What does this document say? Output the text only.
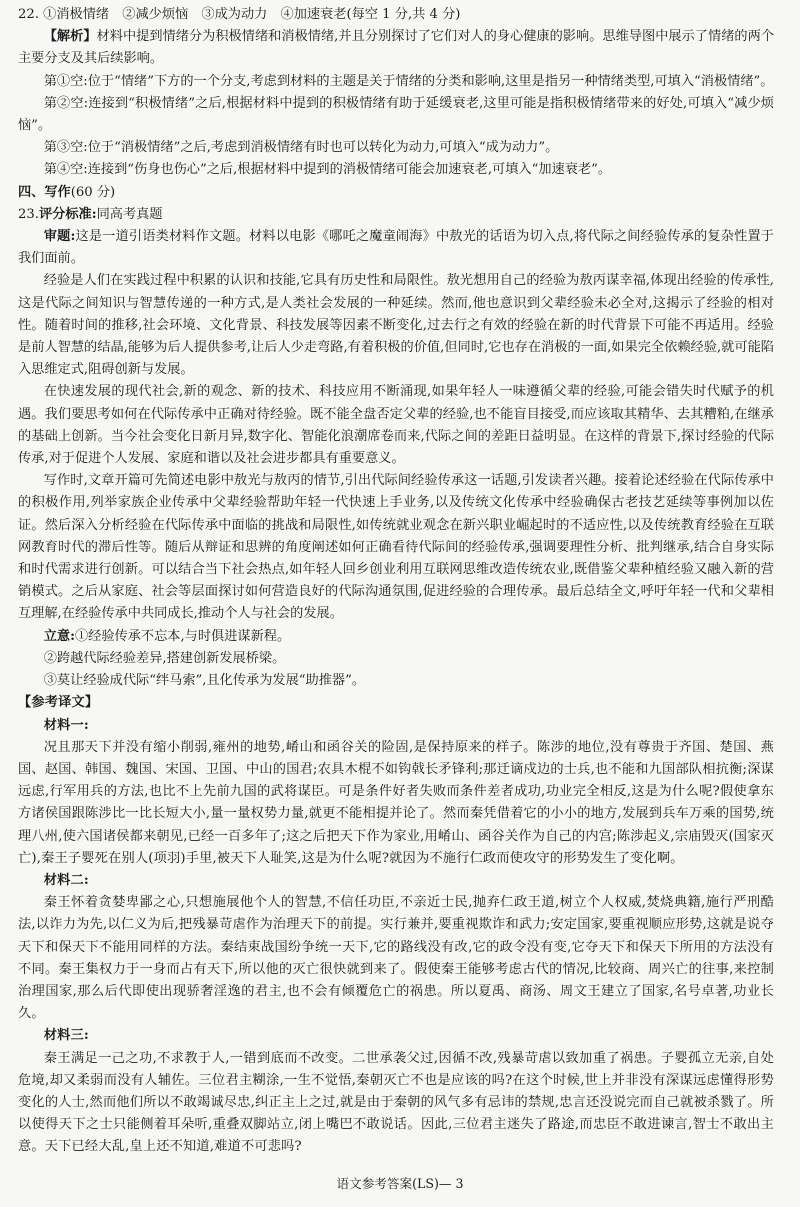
22. ①消极情绪　②减少烦恼　③成为动力　④加速衰老(每空 1 分,共 4 分)

【解析】材料中提到情绪分为积极情绪和消极情绪,并且分别探讨了它们对人的身心健康的影响。思维导图中展示了情绪的两个主要分支及其后续影响。

第①空:位于“情绪”下方的一个分支,考虑到材料的主题是关于情绪的分类和影响,这里是指另一种情绪类型,可填入“消极情绪”。

第②空:连接到“积极情绪”之后,根据材料中提到的积极情绪有助于延缓衰老,这里可能是指积极情绪带来的好处,可填入“减少烦恼”。

第③空:位于“消极情绪”之后,考虑到消极情绪有时也可以转化为动力,可填入“成为动力”。

第④空:连接到“伤身也伤心”之后,根据材料中提到的消极情绪可能会加速衰老,可填入“加速衰老”。

四、写作(60 分)

23.评分标准:同高考真题

审题:这是一道引语类材料作文题。材料以电影《哪吒之魔童闹海》中敖光的话语为切入点,将代际之间经验传承的复杂性置于我们面前。

经验是人们在实践过程中积累的认识和技能,它具有历史性和局限性。敖光想用自己的经验为敖丙谋幸福,体现出经验的传承性,这是代际之间知识与智慧传递的一种方式,是人类社会发展的一种延续。然而,他也意识到父辈经验未必全对,这揭示了经验的相对性。随着时间的推移,社会环境、文化背景、科技发展等因素不断变化,过去行之有效的经验在新的时代背景下可能不再适用。经验是前人智慧的结晶,能够为后人提供参考,让后人少走弯路,有着积极的价值,但同时,它也存在消极的一面,如果完全依赖经验,就可能陷入思维定式,阻碍创新与发展。

在快速发展的现代社会,新的观念、新的技术、科技应用不断涌现,如果年轻人一味遵循父辈的经验,可能会错失时代赋予的机遇。我们要思考如何在代际传承中正确对待经验。既不能全盘否定父辈的经验,也不能盲目接受,而应该取其精华、去其糟粕,在继承的基础上创新。当今社会变化日新月异,数字化、智能化浪潮席卷而来,代际之间的差距日益明显。在这样的背景下,探讨经验的代际传承,对于促进个人发展、家庭和谐以及社会进步都具有重要意义。

写作时,文章开篇可先简述电影中敖光与敖丙的情节,引出代际间经验传承这一话题,引发读者兴趣。接着论述经验在代际传承中的积极作用,列举家族企业传承中父辈经验帮助年轻一代快速上手业务,以及传统文化传承中经验确保古老技艺延续等事例加以佐证。然后深入分析经验在代际传承中面临的挑战和局限性,如传统就业观念在新兴职业崛起时的不适应性,以及传统教育经验在互联网教育时代的滞后性等。随后从辩证和思辨的角度阐述如何正确看待代际间的经验传承,强调要理性分析、批判继承,结合自身实际和时代需求进行创新。可以结合当下社会热点,如年轻人回乡创业利用互联网思维改造传统农业,既借鉴父辈种植经验又融入新的营销模式。之后从家庭、社会等层面探讨如何营造良好的代际沟通氛围,促进经验的合理传承。最后总结全文,呼吁年轻一代和父辈相互理解,在经验传承中共同成长,推动个人与社会的发展。

立意:①经验传承不忘本,与时俱进谋新程。

②跨越代际经验差异,搭建创新发展桥梁。

③莫让经验成代际“绊马索”,且化传承为发展“助推器”。

【参考译文】

材料一:

况且那天下并没有缩小削弱,雍州的地势,崤山和函谷关的险固,是保持原来的样子。陈涉的地位,没有尊贵于齐国、楚国、燕国、赵国、韩国、魏国、宋国、卫国、中山的国君;农具木棍不如钩戟长矛锋利;那迁谪戍边的士兵,也不能和九国部队相抗衡;深谋远虑,行军用兵的方法,也比不上先前九国的武将谋臣。可是条件好者失败而条件差者成功,功业完全相反,这是为什么呢?假使拿东方诸侯国跟陈涉比一比长短大小,量一量权势力量,就更不能相提并论了。然而秦凭借着它的小小的地方,发展到兵车万乘的国势,统理八州,使六国诸侯都来朝见,已经一百多年了;这之后把天下作为家业,用崤山、函谷关作为自己的内宫;陈涉起义,宗庙毁灭(国家灭亡),秦王子婴死在别人(项羽)手里,被天下人耻笑,这是为什么呢?就因为不施行仁政而使攻守的形势发生了变化啊。

材料二:

秦王怀着贪婪卑鄙之心,只想施展他个人的智慧,不信任功臣,不亲近士民,抛弃仁政王道,树立个人权威,焚烧典籍,施行严刑酷法,以诈力为先,以仁义为后,把残暴苛虐作为治理天下的前提。实行兼并,要重视欺诈和武力;安定国家,要重视顺应形势,这就是说夺天下和保天下不能用同样的方法。秦结束战国纷争统一天下,它的路线没有改,它的政令没有变,它夺天下和保天下所用的方法没有不同。秦王集权力于一身而占有天下,所以他的灭亡很快就到来了。假使秦王能够考虑古代的情况,比较商、周兴亡的往事,来控制治理国家,那么后代即使出现骄奢淫逸的君主,也不会有倾覆危亡的祸患。所以夏禹、商汤、周文王建立了国家,名号卓著,功业长久。

材料三:

秦王满足一己之功,不求教于人,一错到底而不改变。二世承袭父过,因循不改,残暴苛虐以致加重了祸患。子婴孤立无亲,自处危境,却又柔弱而没有人辅佐。三位君主糊涂,一生不觉悟,秦朝灭亡不也是应该的吗?在这个时候,世上并非没有深谋远虑懂得形势变化的人士,然而他们所以不敢竭诚尽忠,纠正主上之过,就是由于秦朝的风气多有忌讳的禁规,忠言还没说完而自己就被杀戮了。所以使得天下之士只能侧着耳朵听,重叠双脚站立,闭上嘴巴不敢说话。因此,三位君主迷失了路途,而忠臣不敢进谏言,智士不敢出主意。天下已经大乱,皇上还不知道,难道不可悲吗?

语文参考答案(LS)— 3
